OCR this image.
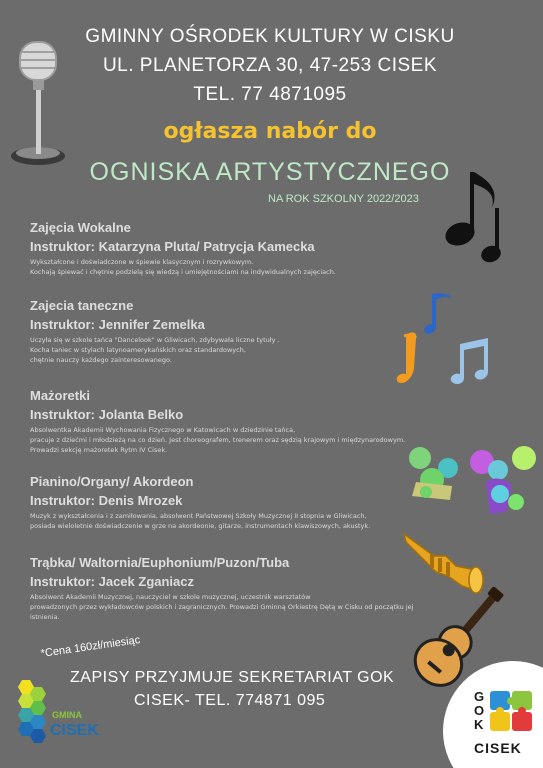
GMINNY OŚRODEK KULTURY W CISKU
UL. PLANETORZA 30, 47-253 CISEK
TEL. 77 4871095
ogłasza nabór do
OGNISKA ARTYSTYCZNEGO
NA ROK SZKOLNY 2022/2023

Zajęcia Wokalne

Instruktor: Katarzyna Pluta/ Patrycja Kamecka

Wykształcone i doświadczone w śpiewie klasycznym i rozrywkowym.
Kochają śpiewać i chętnie podzielą się wiedzą i umiejętnościami na indywidualnych zajęciach.

Zajecia taneczne

Instruktor: Jennifer Zemelka

Uczyła się w szkole tańca "Dancelook" w Gliwicach, zdybywała liczne tytuły .
Kocha taniec w stylach latynoamerykańskich oraz standardowych,
chętnie nauczy każdego zainteresowanego.

Mażoretki

Instruktor: Jolanta Belko

Absolwentka Akademii Wychowania Fizycznego w Katowicach w dziedzinie tańca,
pracuje z dziećmi i młodzieżą na co dzień. Jest choreografem, trenerem oraz sędzią krajowym i międzynarodowym.
Prowadzi sekcję mażoretek Rytm IV Cisek.

Pianino/Organy/ Akordeon

Instruktor: Denis Mrozek

Muzyk z wykształcenia i z zamiłowania, absolwent Państwowej Szkoły Muzycznej II stopnia w Gliwicach,
posiada wieloletnie doświadczenie w grze na akordeonie, gitarze, instrumentach klawiszowych, akustyk.

Trąbka/ Waltornia/Euphonium/Puzon/Tuba

Instruktor: Jacek Zganiacz

Absolwent Akademii Muzycznej, nauczyciel w szkole muzycznej, uczestnik warsztatów
prowadzonych przez wykładowców polskich i zagranicznych. Prowadzi Gminną Orkiestrę Dętą w Cisku od początku jej istnienia.
*Cena 160zł/miesiąc
ZAPISY PRZYJMUJE SEKRETARIAT GOK
CISEK- TEL. 774871 095
GMINA
CISEK
G
O
K
CISEK
